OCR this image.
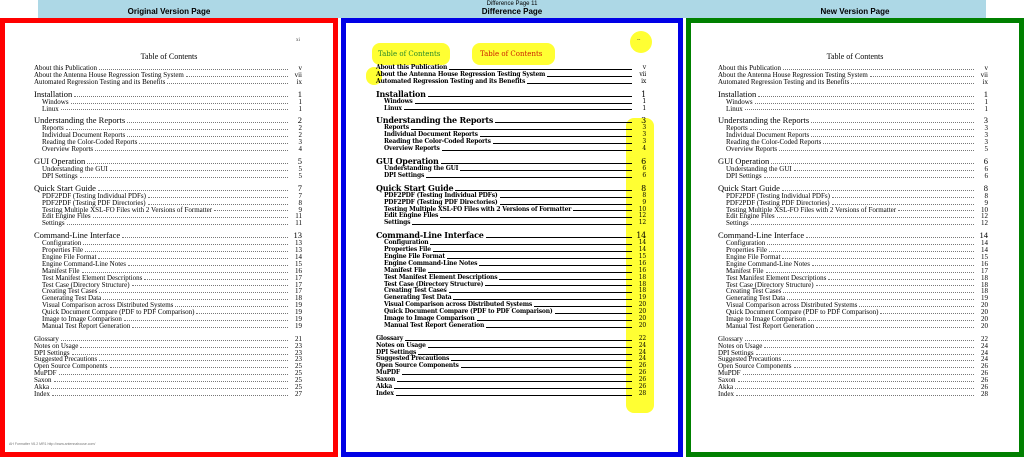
Difference Page 11
Original Version Page	Difference Page	New Version Page
xi
Table of Contents
About this Publication	v
About the Antenna House Regression Testing System	vii
Automated Regression Testing and its Benefits	ix
Installation	1
Windows	1
Linux	1
Understanding the Reports	2
Reports	2
Individual Document Reports	2
Reading the Color-Coded Reports	3
Overview Reports	4
GUI Operation	5
Understanding the GUI	5
DPI Settings	5
Quick Start Guide	7
PDF2PDF (Testing Individual PDFs)	7
PDF2PDF (Testing PDF Directories)	8
Testing Multiple XSL-FO Files with 2 Versions of Formatter	9
Edit Engine Files	11
Settings	11
Command-Line Interface	13
Configuration	13
Properties File	13
Engine File Format	14
Engine Command-Line Notes	15
Manifest File	16
Test Manifest Element Descriptions	17
Test Case (Directory Structure)	17
Creating Test Cases	17
Generating Test Data	18
Visual Comparison across Distributed Systems	19
Quick Document Compare (PDF to PDF Comparison)	19
Image to Image Comparison	19
Manual Test Report Generation	19
Glossary	21
Notes on Usage	23
DPI Settings	23
Suggested Precautions	23
Open Source Components	25
MuPDF	25
Saxon	25
Akka	25
Index	27
AH Formatter V6.2 MR1 http://www.antennahouse.com/
--
Table of Contents	Table of Contents
About this Publication	v
About the Antenna House Regression Testing System	vii
Automated Regression Testing and its Benefits	ix
Installation	1
Windows	1
Linux	1
Understanding the Reports	3
Reports	3
Individual Document Reports	3
Reading the Color-Coded Reports	3
Overview Reports	4
GUI Operation	6
Understanding the GUI	6
DPI Settings	6
Quick Start Guide	8
PDF2PDF (Testing Individual PDFs)	8
PDF2PDF (Testing PDF Directories)	9
Testing Multiple XSL-FO Files with 2 Versions of Formatter	10
Edit Engine Files	12
Settings	12
Command-Line Interface	14
Configuration	14
Properties File	14
Engine File Format	15
Engine Command-Line Notes	16
Manifest File	16
Test Manifest Element Descriptions	18
Test Case (Directory Structure)	18
Creating Test Cases	18
Generating Test Data	19
Visual Comparison across Distributed Systems	20
Quick Document Compare (PDF to PDF Comparison)	20
Image to Image Comparison	20
Manual Test Report Generation	20
Glossary	22
Notes on Usage	24
DPI Settings	24
Suggested Precautions	24
Open Source Components	26
MuPDF	26
Saxon	26
Akka	26
Index	28
Table of Contents
About this Publication	v
About the Antenna House Regression Testing System	vii
Automated Regression Testing and its Benefits	ix
Installation	1
Windows	1
Linux	1
Understanding the Reports	3
Reports	3
Individual Document Reports	3
Reading the Color-Coded Reports	3
Overview Reports	5
GUI Operation	6
Understanding the GUI	6
DPI Settings	6
Quick Start Guide	8
PDF2PDF (Testing Individual PDFs)	8
PDF2PDF (Testing PDF Directories)	9
Testing Multiple XSL-FO Files with 2 Versions of Formatter	10
Edit Engine Files	12
Settings	12
Command-Line Interface	14
Configuration	14
Properties File	14
Engine File Format	15
Engine Command-Line Notes	16
Manifest File	17
Test Manifest Element Descriptions	18
Test Case (Directory Structure)	18
Creating Test Cases	18
Generating Test Data	19
Visual Comparison across Distributed Systems	20
Quick Document Compare (PDF to PDF Comparison)	20
Image to Image Comparison	20
Manual Test Report Generation	20
Glossary	22
Notes on Usage	24
DPI Settings	24
Suggested Precautions	24
Open Source Components	26
MuPDF	26
Saxon	26
Akka	26
Index	28
